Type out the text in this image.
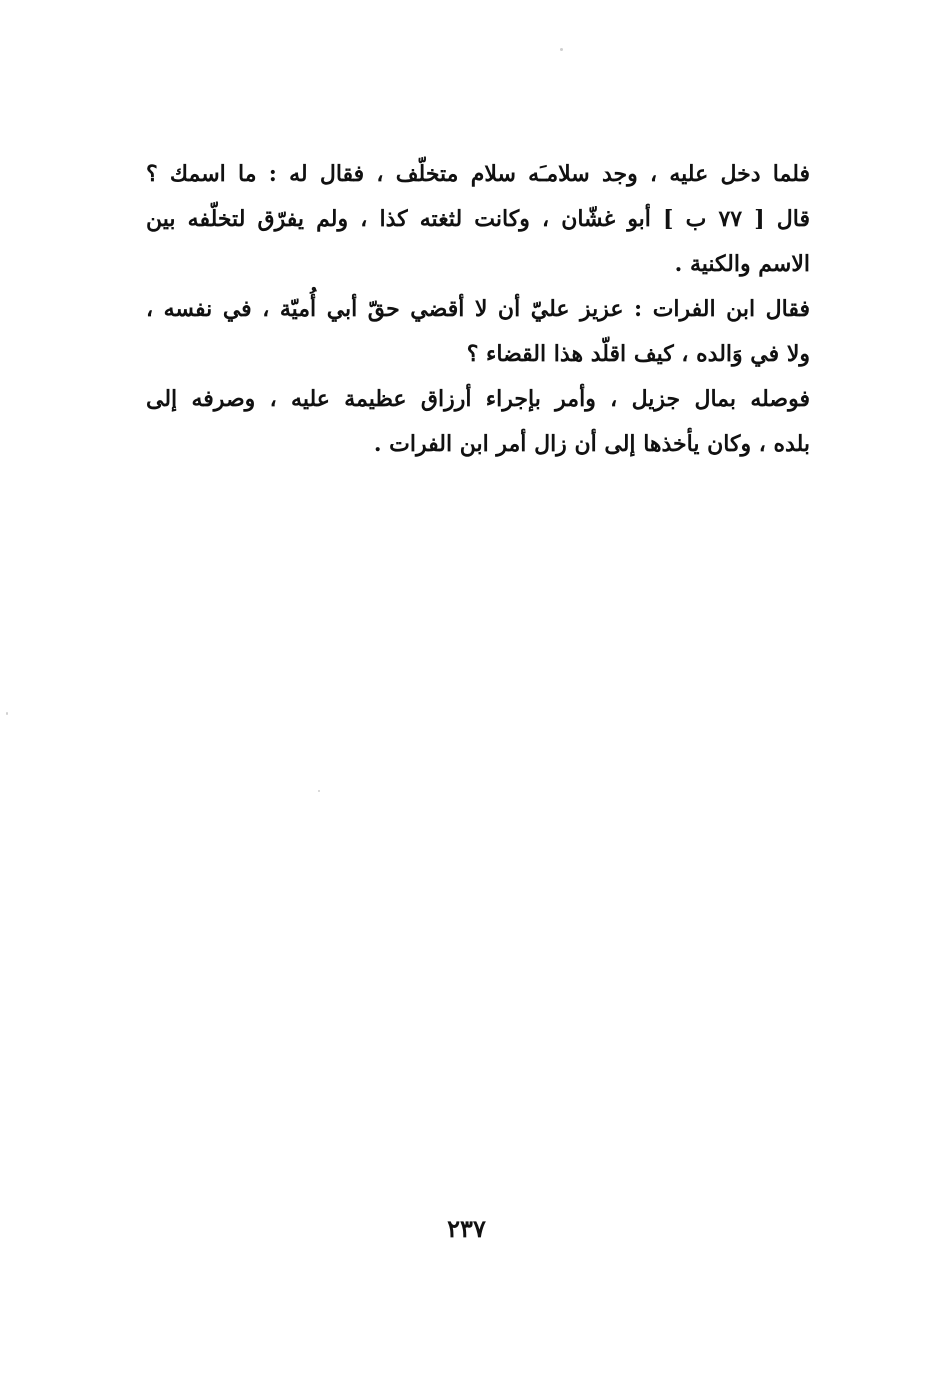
فلما دخل عليه ، وجد سلامـَه سلام متخلّف ، فقال له : ما اسمك ؟
قال [ ٧٧ ب ] أبو غشّان ، وكانت لثغته كذا ، ولم يفرّق لتخلّفه بين
الاسم والكنية .
فقال ابن الفرات : عزيز عليّ أن لا أقضي حقّ أبي أُميّة ، في نفسه ،
ولا في وَالده ، كيف اقلّد هذا القضاء ؟
فوصله بمال جزيل ، وأمر بإجراء أرزاق عظيمة عليه ، وصرفه إلى
بلده ، وكان يأخذها إلى أن زال أمر ابن الفرات .
٢٣٧
